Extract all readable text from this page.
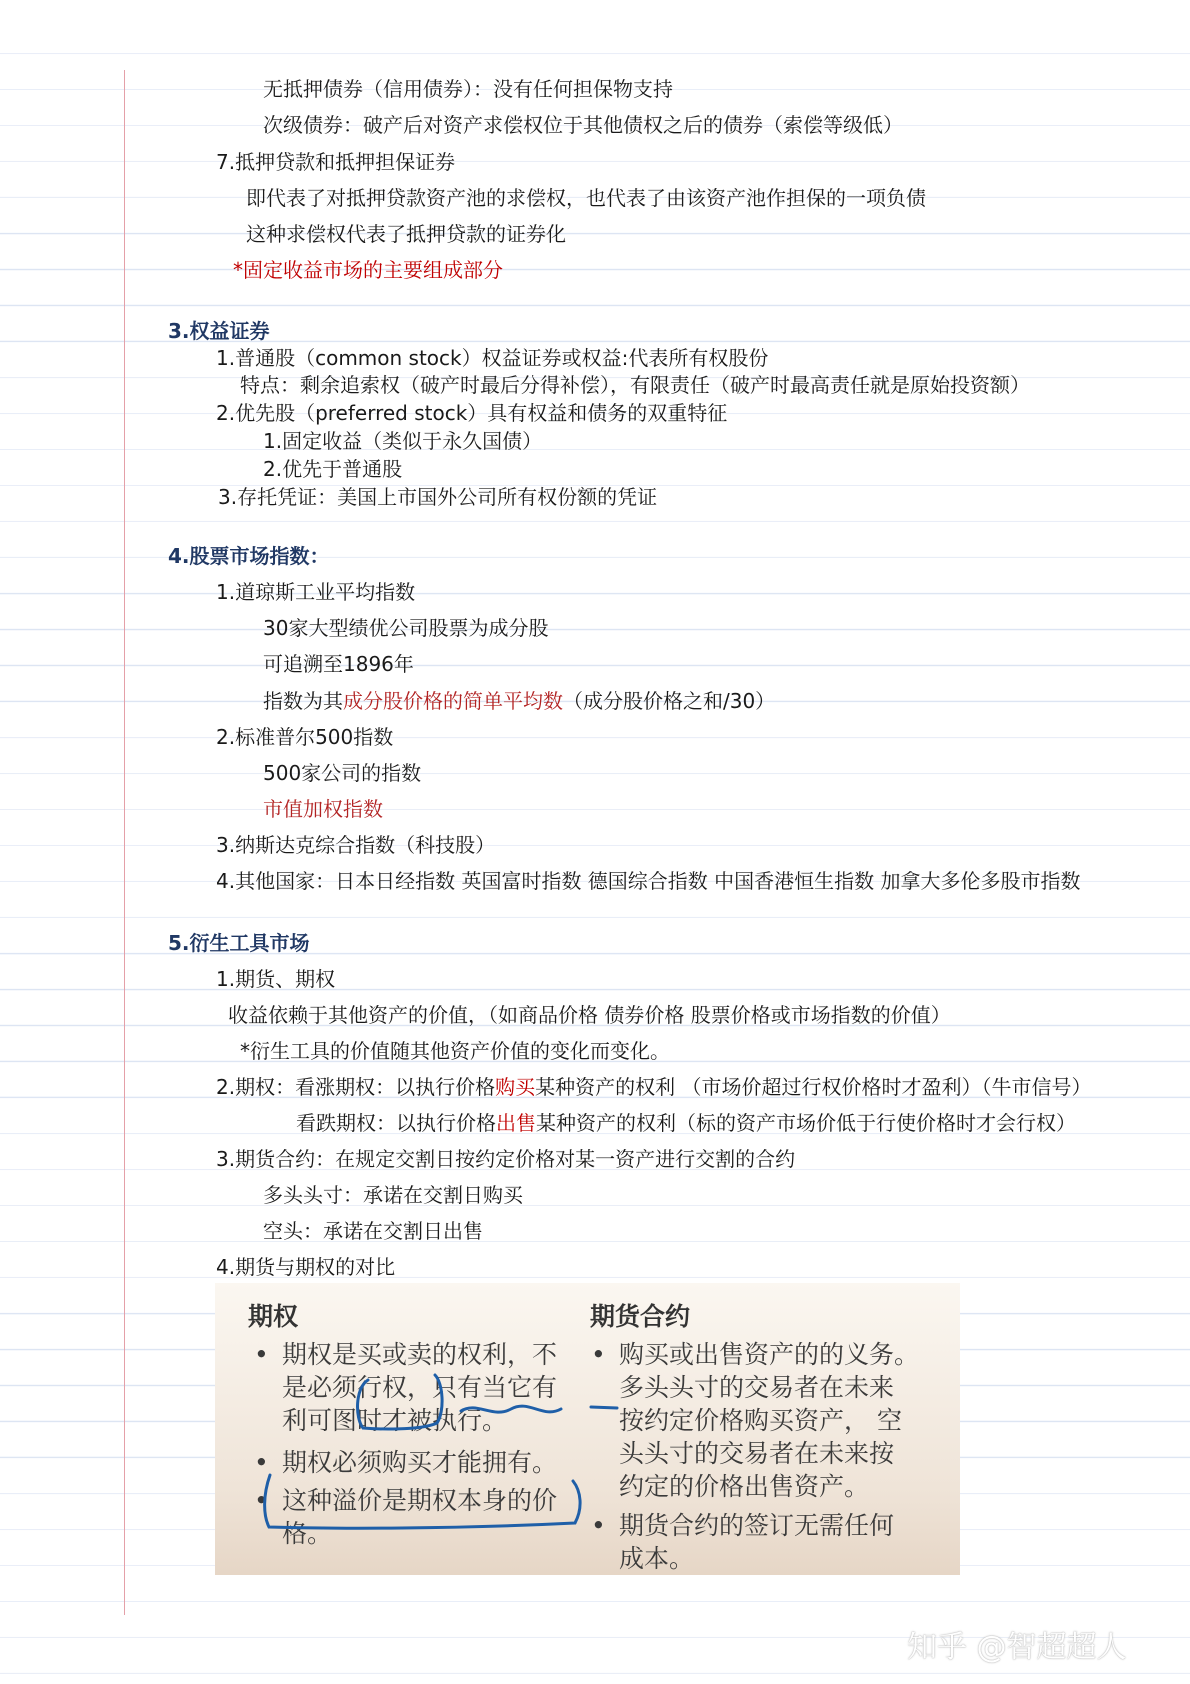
无抵押债券（信用债券）：没有任何担保物支持
次级债券：破产后对资产求偿权位于其他债权之后的债券（索偿等级低）
7.抵押贷款和抵押担保证券
即代表了对抵押贷款资产池的求偿权，也代表了由该资产池作担保的一项负债
这种求偿权代表了抵押贷款的证券化
*固定收益市场的主要组成部分
3.权益证券
1.普通股（common stock）权益证券或权益:代表所有权股份
特点：剩余追索权（破产时最后分得补偿），有限责任（破产时最高责任就是原始投资额）
2.优先股（preferred stock）具有权益和债务的双重特征
1.固定收益（类似于永久国债）
2.优先于普通股
3.存托凭证：美国上市国外公司所有权份额的凭证
4.股票市场指数：
1.道琼斯工业平均指数
30家大型绩优公司股票为成分股
可追溯至1896年
指数为其成分股价格的简单平均数（成分股价格之和/30）
2.标准普尔500指数
500家公司的指数
市值加权指数
3.纳斯达克综合指数（科技股）
4.其他国家：日本日经指数 英国富时指数 德国综合指数 中国香港恒生指数 加拿大多伦多股市指数
5.衍生工具市场
1.期货、期权
收益依赖于其他资产的价值，（如商品价格 债券价格 股票价格或市场指数的价值）
*衍生工具的价值随其他资产价值的变化而变化。
2.期权：看涨期权：以执行价格购买某种资产的权利 （市场价超过行权价格时才盈利）（牛市信号）
看跌期权：以执行价格出售某种资产的权利（标的资产市场价低于行使价格时才会行权）
3.期货合约：在规定交割日按约定价格对某一资产进行交割的合约
多头头寸：承诺在交割日购买
空头：承诺在交割日出售
4.期货与期权的对比
期权
• 期权是买或卖的权利，不
是必须行权，只有当它有
利可图时才被执行。
• 期权必须购买才能拥有。
• 这种溢价是期权本身的价
格。
期货合约
• 购买或出售资产的的义务。
多头头寸的交易者在未来
按约定价格购买资产， 空
头头寸的交易者在未来按
约定的价格出售资产。
• 期货合约的签订无需任何
成本。
知乎 @智超超人
